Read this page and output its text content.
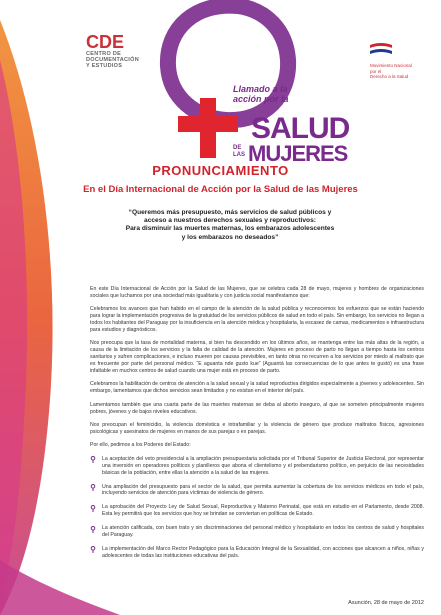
CDE
CENTRO DE
DOCUMENTACIÓN
Y ESTUDIOS	Movimiento Nacional
por el
Derecho a la Salud
Llamado a la
acción por la
SALUD
DE LAS MUJERES
PRONUNCIAMIENTO
En el Día Internacional de Acción por la Salud de las Mujeres
“Queremos más presupuesto, más servicios de salud públicos y
acceso a nuestros derechos sexuales y reproductivos:
Para disminuir las muertes maternas, los embarazos adolescentes
y los embarazos no deseados”

En este Día Internacional de Acción por la Salud de las Mujeres, que se celebra cada 28 de mayo, mujeres y hombres de organizaciones sociales que luchamos por una sociedad más igualitaria y con justicia social manifestamos que:

Celebramos los avances que han habido en el campo de la atención de la salud pública y reconocemos los esfuerzos que se están haciendo para lograr la implementación progresiva de la gratuidad de los servicios públicos de salud en todo el país. Sin embargo, los servicios no llegan a todos los habitantes del Paraguay por la insuficiencia en la atención médica y hospitalaria, la escasez de camas, medicamentos e infraestructura para estudios y diagnósticos.

Nos preocupa que la tasa de mortalidad materna, si bien ha descendido en los últimos años, se mantenga entre las más altas de la región, a causa de la limitación de los servicios y la falta de calidad de la atención. Mujeres en proceso de parto no llegan a tiempo hasta los centros sanitarios y sufren complicaciones, e incluso mueren por causas previsibles, en tanto otras no recurren a los servicios por miedo al maltrato que es frecuente por parte del personal médico. “E aguanta nde gusto kue” (Aguantá las consecuencias de lo que antes te gustó) es una frase infaltable en muchos centros de salud cuando una mujer está en proceso de parto.

Celebramos la habilitación de centros de atención a la salud sexual y la salud reproductiva dirigidos especialmente a jóvenes y adolescentes. Sin embargo, lamentamos que dichos servicios sean limitados y no existan en el interior del país.

Lamentamos también que una cuarta parte de las muertes maternas se deba al aborto inseguro, al que se someten principalmente mujeres pobres, jóvenes y de bajos niveles educativos.

Nos preocupan el feminicidio, la violencia doméstica e intrafamiliar y la violencia de género que produce maltratos físicos, agresiones psicológicas y asesinatos de mujeres en manos de sus parejas o ex parejas.

Por ello, pedimos a los Poderes del Estado:

La aceptación del veto presidencial a la ampliación presupuestaria solicitada por el Tribunal Superior de Justicia Electoral, por representar una inversión en operadores políticos y planilleros que abona el clientelismo y el prebendarismo político, en perjuicio de las necesidades básicas de la población, entre ellas la atención a la salud de las mujeres.
Una ampliación del presupuesto para el sector de la salud, que permita aumentar la cobertura de los servicios médicos en todo el país, incluyendo servicios de atención para víctimas de violencia de género.
La aprobación del Proyecto Ley de Salud Sexual, Reproductiva y Materno Perinatal, que está en estudio en el Parlamento, desde 2008. Esta ley permitirá que los servicios que hoy se brindan se conviertan en políticas de Estado.
La atención calificada, con buen trato y sin discriminaciones del personal médico y hospitalario en todos los centros de salud y hospitales del Paraguay.
La implementación del Marco Rector Pedagógico para la Educación Integral de la Sexualidad, con acciones que alcancen a niños, niñas y adolescentes de todas las instituciones educativas del país.
Asunción, 28 de mayo de 2012
